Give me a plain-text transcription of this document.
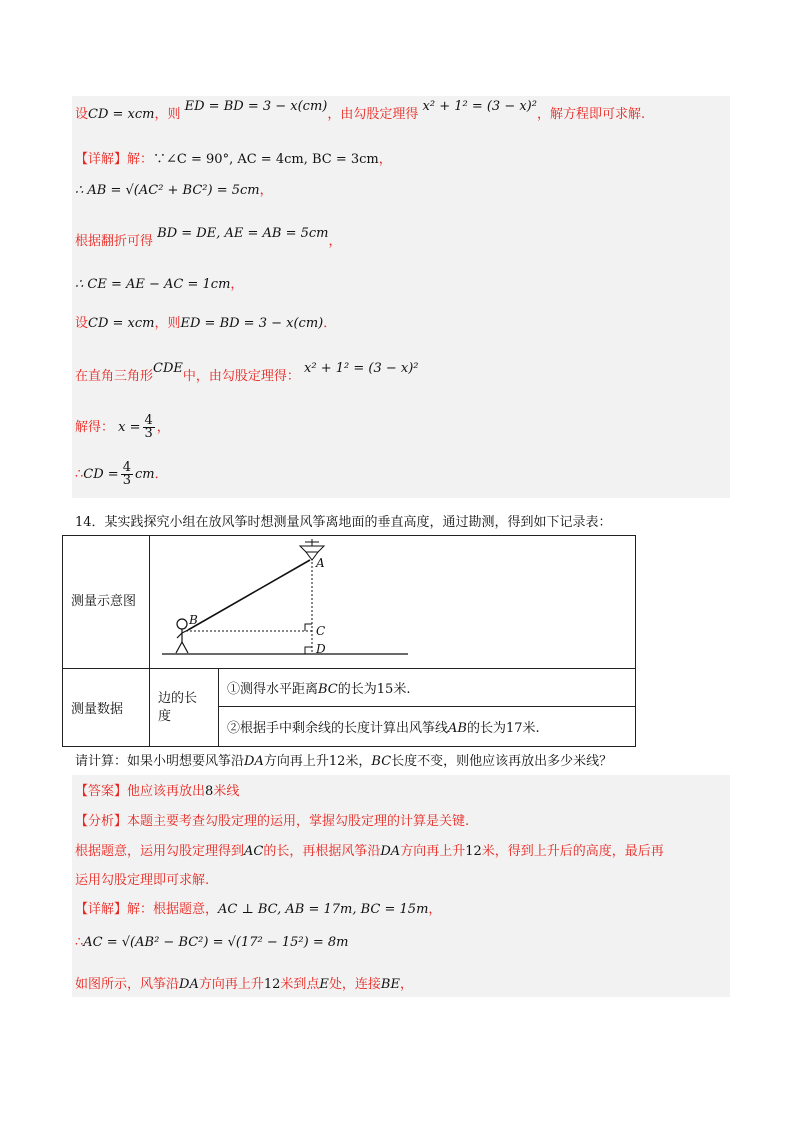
设CD = xcm，则 ED = BD = 3 − x(cm)，由勾股定理得 x² + 1² = (3 − x)²，解方程即可求解.
【详解】解：∵∠C = 90°, AC = 4cm, BC = 3cm，
∴ AB = √(AC² + BC²) = 5cm，
根据翻折可得 BD = DE, AE = AB = 5cm，
∴ CE = AE − AC = 1cm，
设CD = xcm，则ED = BD = 3 − x(cm)．
在直角三角形CDE中，由勾股定理得： x² + 1² = (3 − x)²
解得： $x = \frac{4}{3}$ ，
∴CD = $\frac{4}{3}$ cm．
14．某实践探究小组在放风筝时想测量风筝离地面的垂直高度，通过勘测，得到如下记录表：
测量示意图	A
B
C
D	

测量数据	边的长度	①测得水平距离BC的长为15米.
		②根据手中剩余线的长度计算出风筝线AB的长为17米.
请计算：如果小明想要风筝沿DA方向再上升12米，BC长度不变，则他应该再放出多少米线？
【答案】他应该再放出8米线
【分析】本题主要考查勾股定理的运用，掌握勾股定理的计算是关键.
根据题意，运用勾股定理得到AC的长，再根据风筝沿DA方向再上升12米，得到上升后的高度，最后再
运用勾股定理即可求解.
【详解】解：根据题意，AC ⊥ BC, AB = 17m, BC = 15m，
∴AC = √(AB² − BC²) = √(17² − 15²) = 8m
如图所示，风筝沿DA方向再上升12米到点E处，连接BE，
